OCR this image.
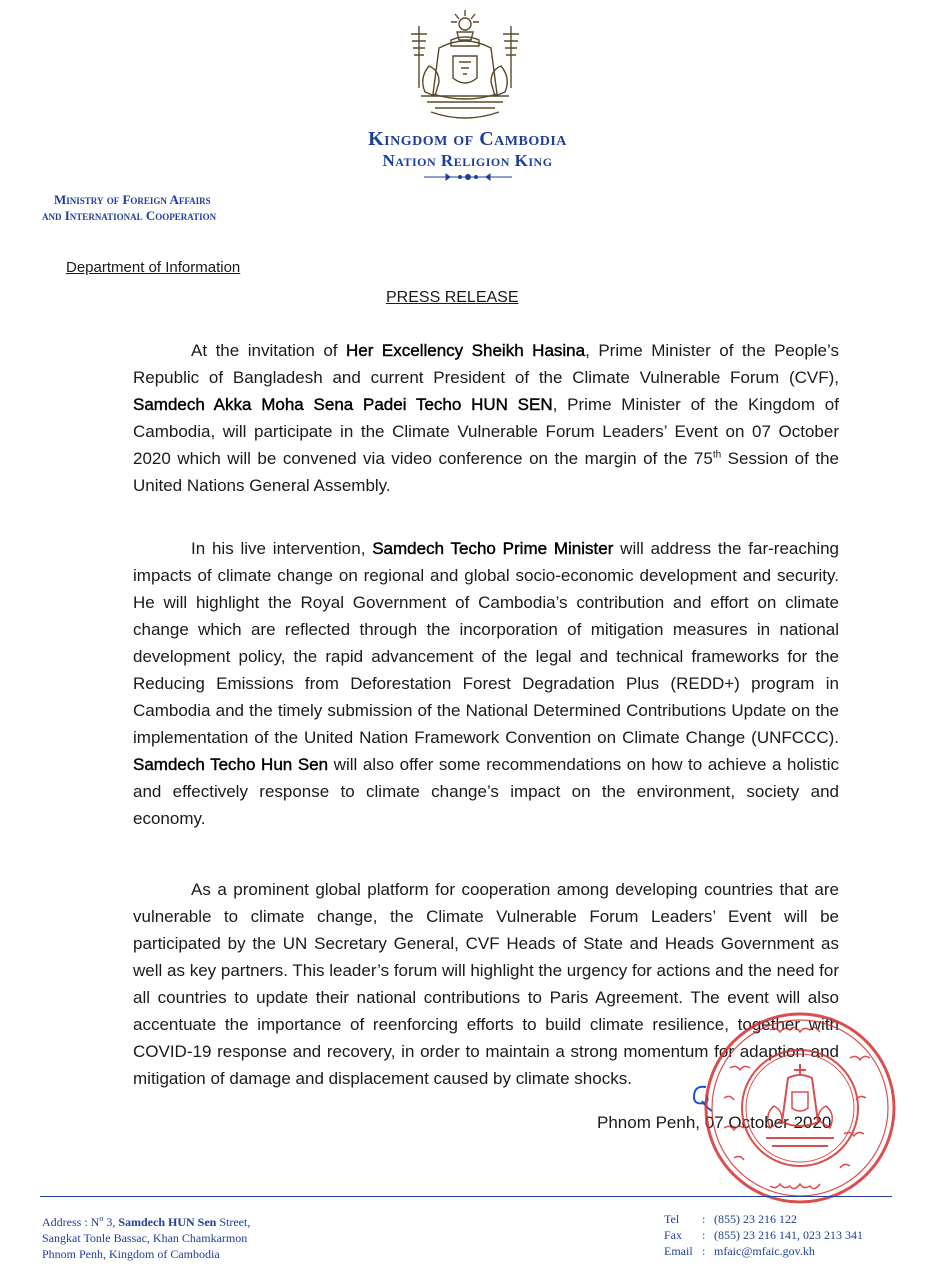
Kingdom of Cambodia
Nation Religion King
Ministry of Foreign Affairs
and International Cooperation
Department of Information
PRESS RELEASE
At the invitation of Her Excellency Sheikh Hasina, Prime Minister of the People’s Republic of Bangladesh and current President of the Climate Vulnerable Forum (CVF), Samdech Akka Moha Sena Padei Techo HUN SEN, Prime Minister of the Kingdom of Cambodia, will participate in the Climate Vulnerable Forum Leaders’ Event on 07 October 2020 which will be convened via video conference on the margin of the 75th Session of the United Nations General Assembly.
In his live intervention, Samdech Techo Prime Minister will address the far-reaching impacts of climate change on regional and global socio-economic development and security. He will highlight the Royal Government of Cambodia’s contribution and effort on climate change which are reflected through the incorporation of mitigation measures in national development policy, the rapid advancement of the legal and technical frameworks for the Reducing Emissions from Deforestation Forest Degradation Plus (REDD+) program in Cambodia and the timely submission of the National Determined Contributions Update on the implementation of the United Nation Framework Convention on Climate Change (UNFCCC). Samdech Techo Hun Sen will also offer some recommendations on how to achieve a holistic and effectively response to climate change’s impact on the environment, society and economy.
As a prominent global platform for cooperation among developing countries that are vulnerable to climate change, the Climate Vulnerable Forum Leaders’ Event will be participated by the UN Secretary General, CVF Heads of State and Heads Government as well as key partners. This leader’s forum will highlight the urgency for actions and the need for all countries to update their national contributions to Paris Agreement. The event will also accentuate the importance of reenforcing efforts to build climate resilience, together with COVID-19 response and recovery, in order to maintain a strong momentum for adaption and mitigation of damage and displacement caused by climate shocks.
Phnom Penh, 07 October 2020
Address : $N^o$ 3, Samdech HUN Sen Street,
Sangkat Tonle Bassac, Khan Chamkarmon
Phnom Penh, Kingdom of Cambodia
Tel	: (855) 23 216 122
Fax	: (855) 23 216 141, 023 213 341
Email : mfaic@mfaic.gov.kh
